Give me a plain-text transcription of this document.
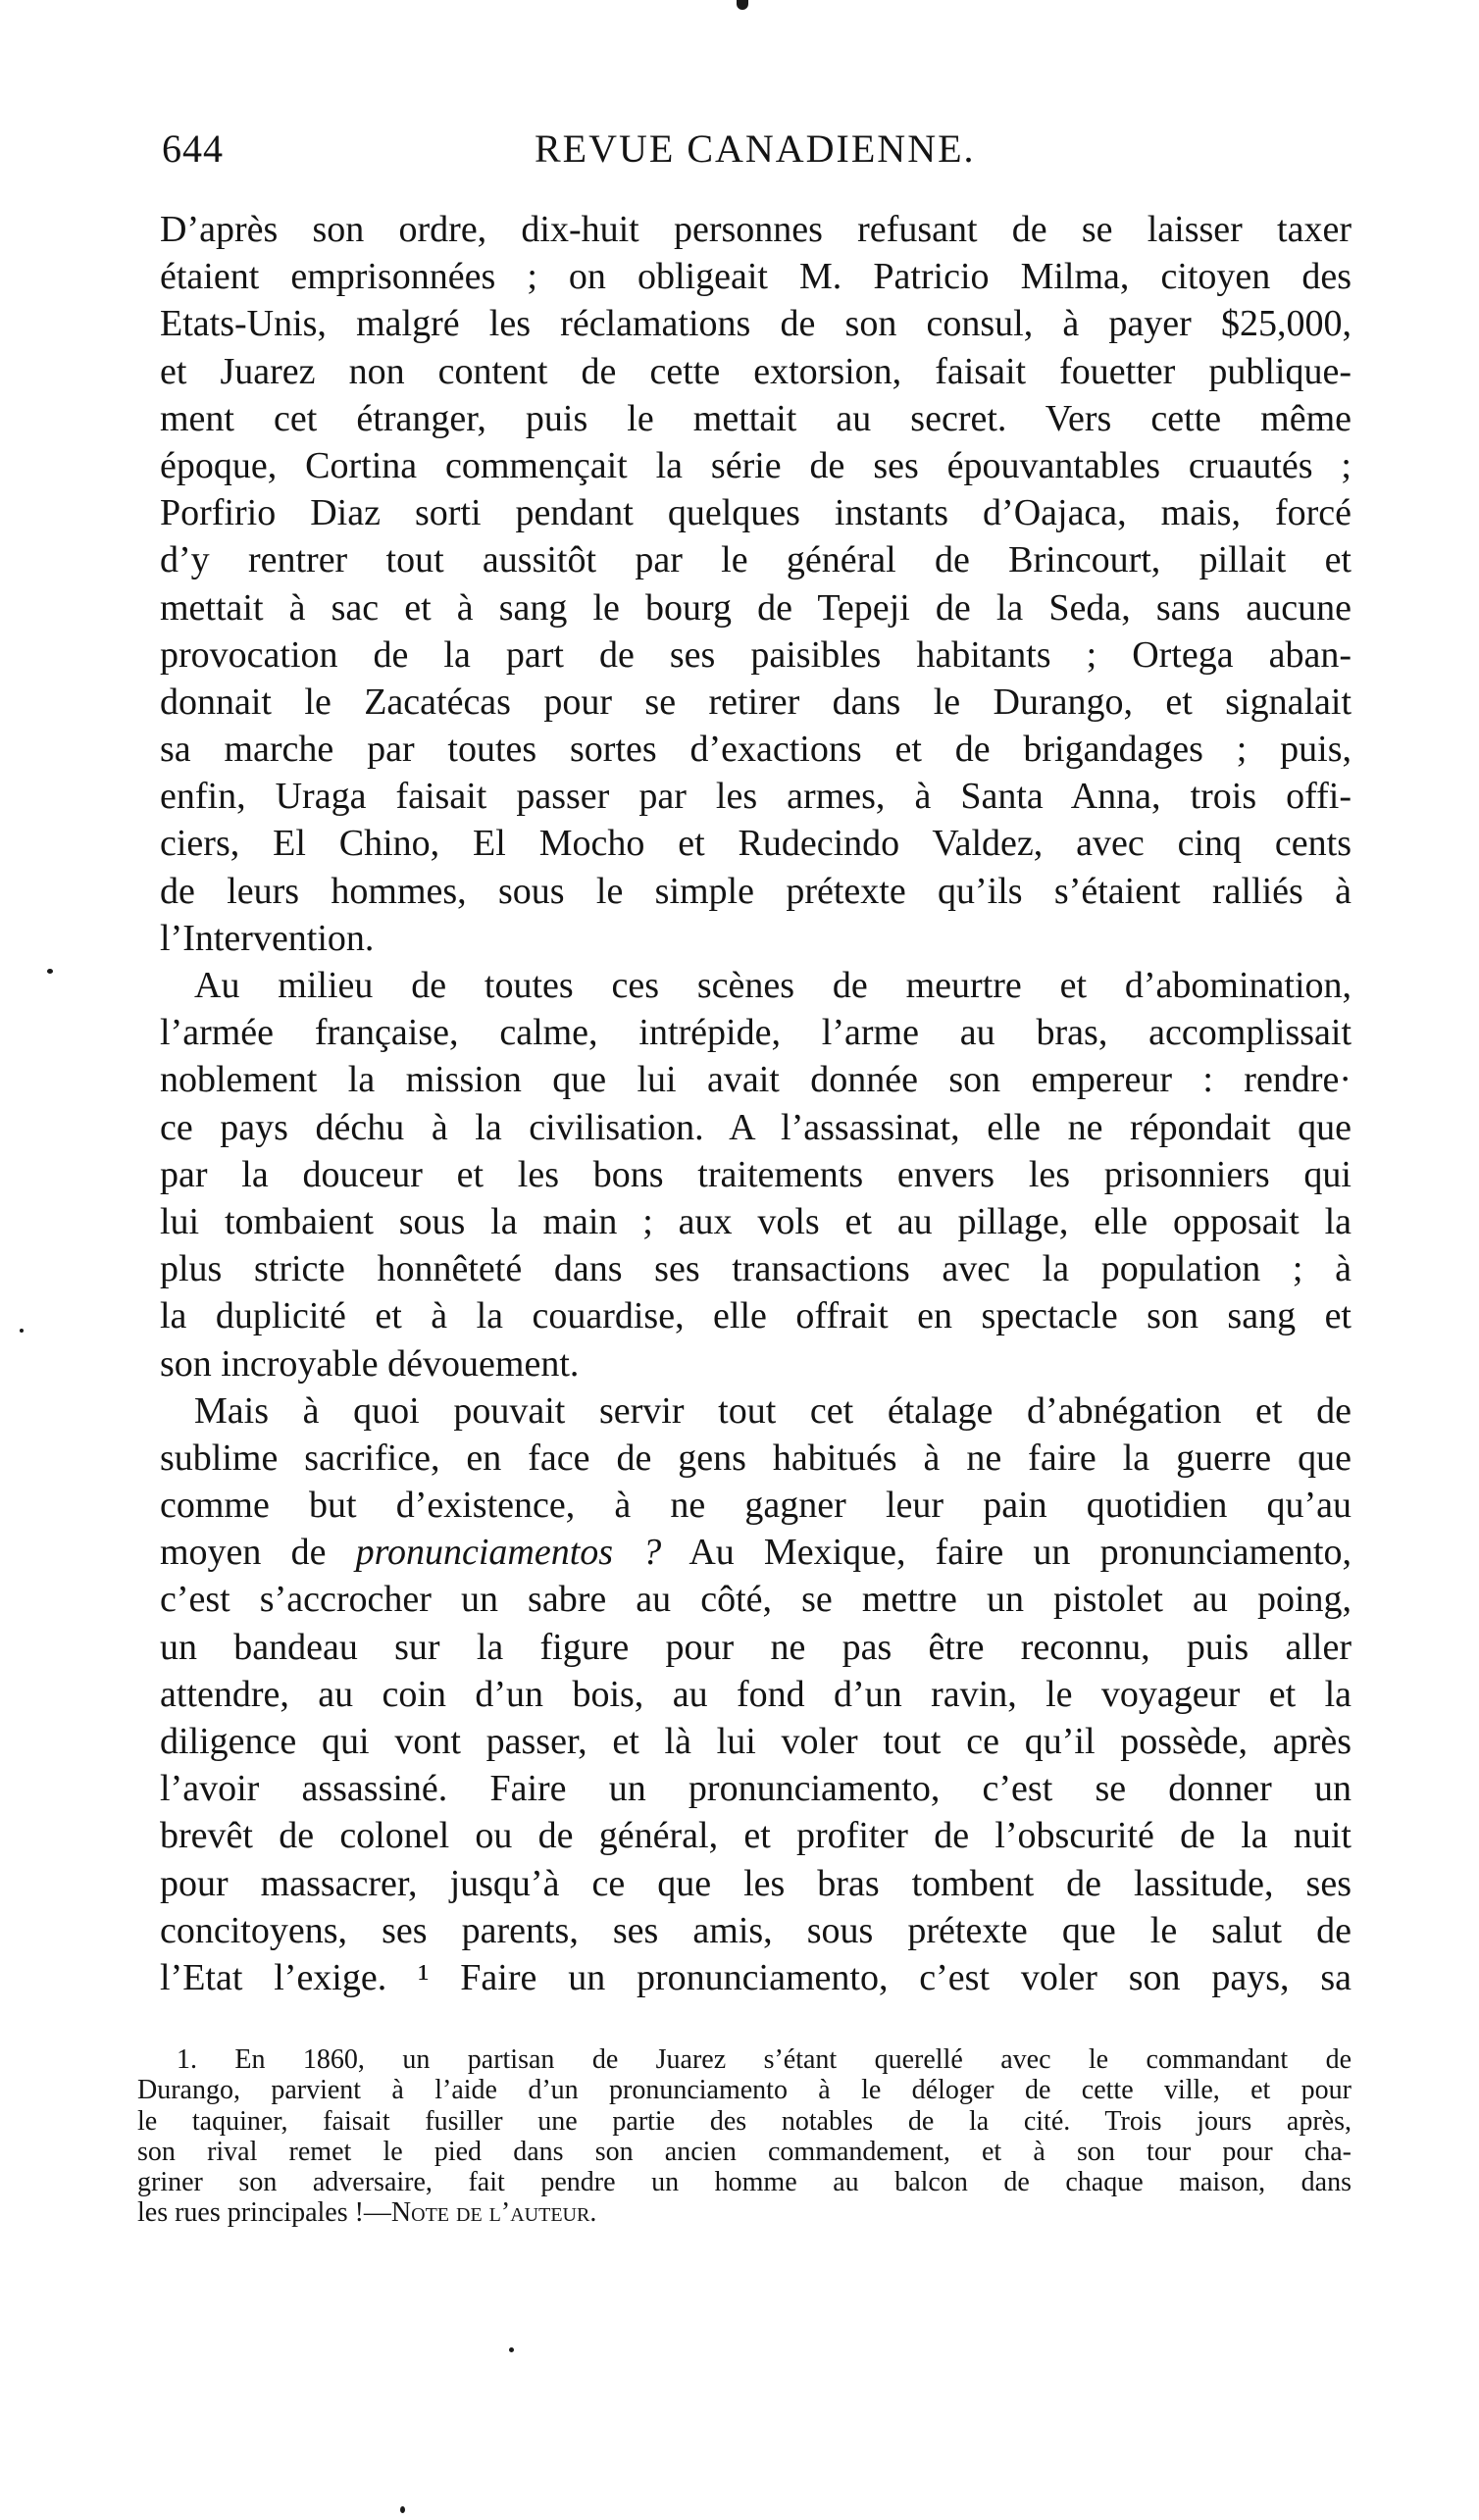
644	REVUE CANADIENNE.
D’après son ordre, dix-huit personnes refusant de se laisser taxer
étaient emprisonnées ; on obligeait M. Patricio Milma, citoyen des
Etats-Unis, malgré les réclamations de son consul, à payer $25,000,
et Juarez non content de cette extorsion, faisait fouetter publique-
ment cet étranger, puis le mettait au secret. Vers cette même
époque, Cortina commençait la série de ses épouvantables cruautés ;
Porfirio Diaz sorti pendant quelques instants d’Oajaca, mais, forcé
d’y rentrer tout aussitôt par le général de Brincourt, pillait et
mettait à sac et à sang le bourg de Tepeji de la Seda, sans aucune
provocation de la part de ses paisibles habitants ; Ortega aban-
donnait le Zacatécas pour se retirer dans le Durango, et signalait
sa marche par toutes sortes d’exactions et de brigandages ; puis,
enfin, Uraga faisait passer par les armes, à Santa Anna, trois offi-
ciers, El Chino, El Mocho et Rudecindo Valdez, avec cinq cents
de leurs hommes, sous le simple prétexte qu’ils s’étaient ralliés à
l’Intervention.
Au milieu de toutes ces scènes de meurtre et d’abomination,
l’armée française, calme, intrépide, l’arme au bras, accomplissait
noblement la mission que lui avait donnée son empereur : rendre·
ce pays déchu à la civilisation. A l’assassinat, elle ne répondait que
par la douceur et les bons traitements envers les prisonniers qui
lui tombaient sous la main ; aux vols et au pillage, elle opposait la
plus stricte honnêteté dans ses transactions avec la population ; à
la duplicité et à la couardise, elle offrait en spectacle son sang et
son incroyable dévouement.
Mais à quoi pouvait servir tout cet étalage d’abnégation et de
sublime sacrifice, en face de gens habitués à ne faire la guerre que
comme but d’existence, à ne gagner leur pain quotidien qu’au
moyen de pronunciamentos ? Au Mexique, faire un pronunciamento,
c’est s’accrocher un sabre au côté, se mettre un pistolet au poing,
un bandeau sur la figure pour ne pas être reconnu, puis aller
attendre, au coin d’un bois, au fond d’un ravin, le voyageur et la
diligence qui vont passer, et là lui voler tout ce qu’il possède, après
l’avoir assassiné. Faire un pronunciamento, c’est se donner un
brevêt de colonel ou de général, et profiter de l’obscurité de la nuit
pour massacrer, jusqu’à ce que les bras tombent de lassitude, ses
concitoyens, ses parents, ses amis, sous prétexte que le salut de
l’Etat l’exige. ¹ Faire un pronunciamento, c’est voler son pays, sa
1. En 1860, un partisan de Juarez s’étant querellé avec le commandant de
Durango, parvient à l’aide d’un pronunciamento à le déloger de cette ville, et pour
le taquiner, faisait fusiller une partie des notables de la cité. Trois jours après,
son rival remet le pied dans son ancien commandement, et à son tour pour cha-
griner son adversaire, fait pendre un homme au balcon de chaque maison, dans
les rues principales !—Note de l’auteur.
